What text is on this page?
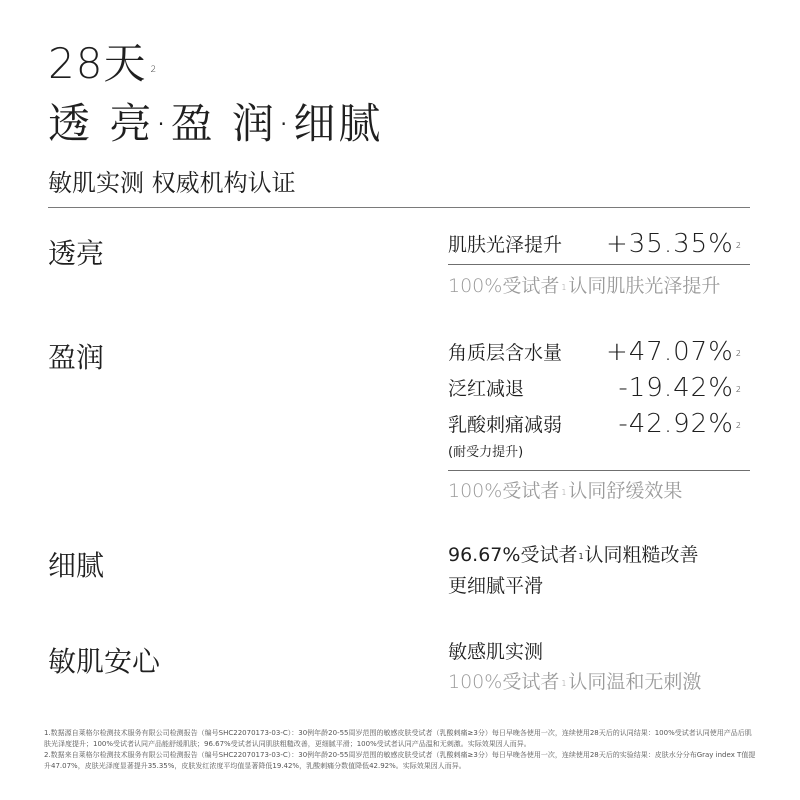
28天 $^2$
透 亮·盈 润·细腻
敏肌实测 权威机构认证
透亮	肌肤光泽提升 +35.35% $^2$
100%受试者 $^1$ 认同肌肤光泽提升
盈润	角质层含水量 +47.07% $^2$
泛红减退	-19.42% $^2$
乳酸刺痛减弱 -42.92% $^2$
(耐受力提升)
100%受试者 $^1$ 认同舒缓效果
细腻	96.67%受试者$^1$认同粗糙改善
更细腻平滑
敏肌安心	敏感肌实测
100%受试者 $^1$ 认同温和无刺激
1.数据源自莱格尔检测技术服务有限公司检测报告（编号SHC22070173-03-C）：30例年龄20-55周岁范围的敏感皮肤受试者（乳酸刺痛≥3分）每日早晚各使用一次，连续使用28天后的认同结果：100%受试者认同使用产品后肌肤光泽度提升；100%受试者认同产品能舒缓肌肤；96.67%受试者认同肌肤粗糙改善，更细腻平滑；100%受试者认同产品温和无刺激。实际效果因人而异。
2.数据来自莱格尔检测技术服务有限公司检测报告（编号SHC22070173-03-C）：30例年龄20-55周岁范围的敏感皮肤受试者（乳酸刺痛≥3分）每日早晚各使用一次，连续使用28天后的实验结果：皮肤水分分布Gray index T值提升47.07%，皮肤光泽度显著提升35.35%，皮肤发红浓度平均值显著降低19.42%，乳酸刺痛分数值降低42.92%。实际效果因人而异。
